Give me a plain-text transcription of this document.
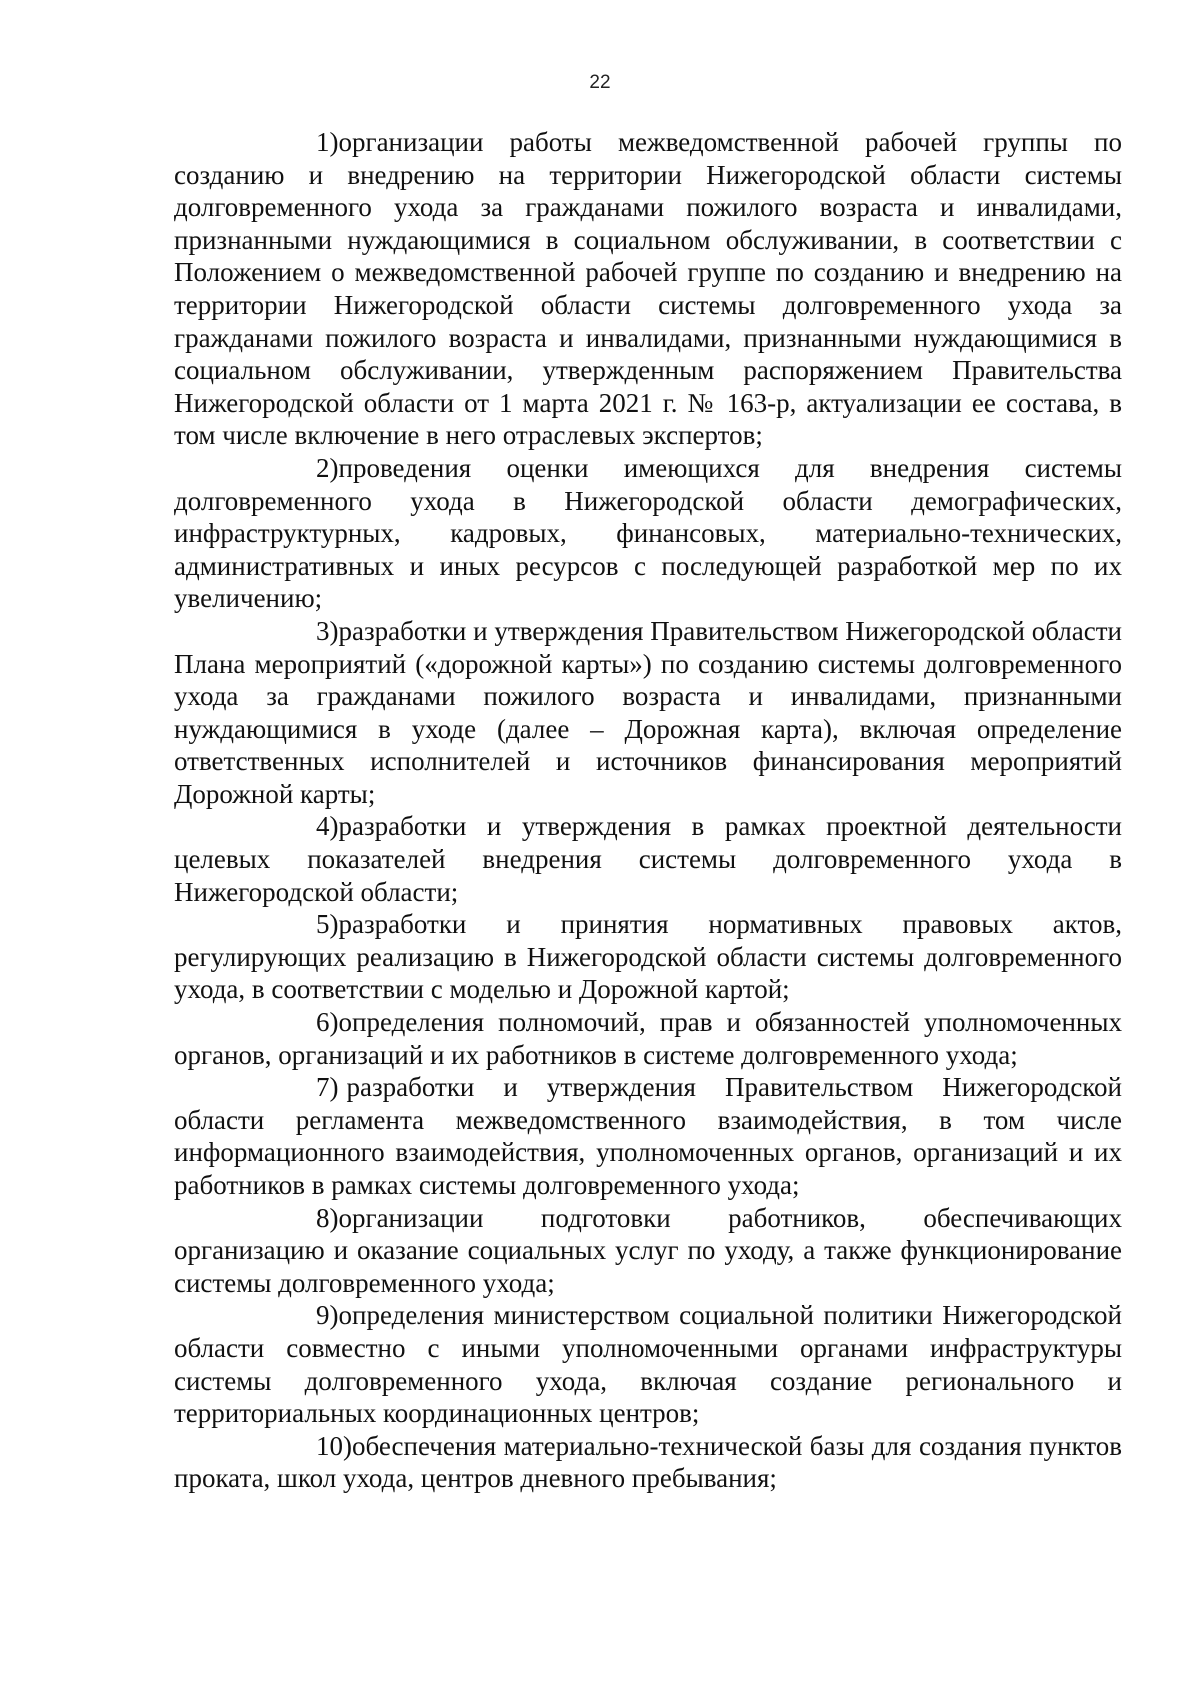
22

1)организации работы межведомственной рабочей группы по созданию и внедрению на территории Нижегородской области системы долговременного ухода за гражданами пожилого возраста и инвалидами, признанными нуждающимися в социальном обслуживании, в соответствии с Положением о межведомственной рабочей группе по созданию и внедрению на территории Нижегородской области системы долговременного ухода за гражданами пожилого возраста и инвалидами, признанными нуждающимися в социальном обслуживании, утвержденным распоряжением Правительства Нижегородской области от 1 марта 2021 г. № 163-р, актуализации ее состава, в том числе включение в него отраслевых экспертов;

2)проведения оценки имеющихся для внедрения системы долговременного ухода в Нижегородской области демографических, инфраструктурных, кадровых, финансовых, материально-технических, административных и иных ресурсов с последующей разработкой мер по их увеличению;

3)разработки и утверждения Правительством Нижегородской области Плана мероприятий («дорожной карты») по созданию системы долговременного ухода за гражданами пожилого возраста и инвалидами, признанными нуждающимися в уходе (далее – Дорожная карта), включая определение ответственных исполнителей и источников финансирования мероприятий Дорожной карты;

4)разработки и утверждения в рамках проектной деятельности целевых показателей внедрения системы долговременного ухода в Нижегородской области;

5)разработки и принятия нормативных правовых актов, регулирующих реализацию в Нижегородской области системы долговременного ухода, в соответствии с моделью и Дорожной картой;

6)определения полномочий, прав и обязанностей уполномоченных органов, организаций и их работников в системе долговременного ухода;

7) разработки и утверждения Правительством Нижегородской области регламента межведомственного взаимодействия, в том числе информационного взаимодействия, уполномоченных органов, организаций и их работников в рамках системы долговременного ухода;

8)организации подготовки работников, обеспечивающих организацию и оказание социальных услуг по уходу, а также функционирование системы долговременного ухода;

9)определения министерством социальной политики Нижегородской области совместно с иными уполномоченными органами инфраструктуры системы долговременного ухода, включая создание регионального и территориальных координационных центров;

10)обеспечения материально-технической базы для создания пунктов проката, школ ухода, центров дневного пребывания;
